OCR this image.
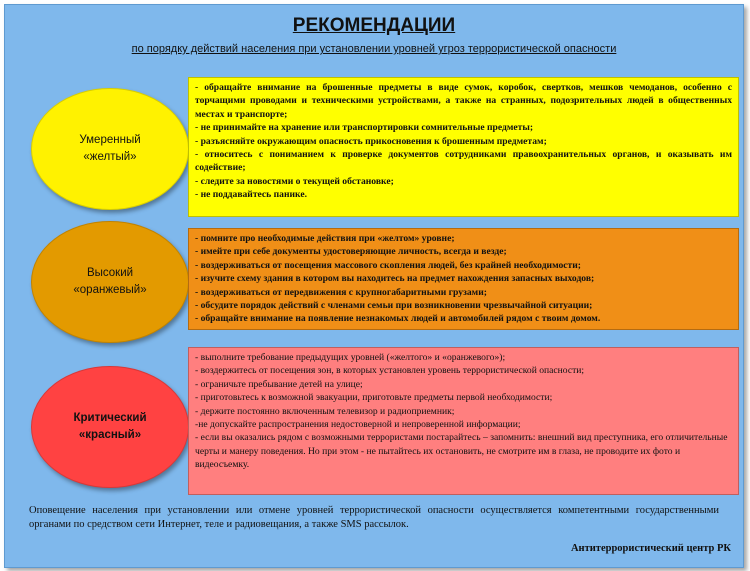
РЕКОМЕНДАЦИИ
по порядку действий населения при установлении уровней угроз террористической опасности
Умеренный
«желтый»
- обращайте внимание на брошенные предметы в виде сумок, коробок, свертков, мешков чемоданов, особенно с торчащими проводами и техническими устройствами, а также на странных, подозрительных людей в общественных местах и транспорте;
- не принимайте на хранение или транспортировки сомнительные предметы;
- разъясняйте окружающим опасность прикосновения к брошенным предметам;
- относитесь с пониманием к проверке документов сотрудниками правоохранительных органов, и оказывать им содействие;
- следите за новостями о текущей обстановке;
- не поддавайтесь панике.
Высокий
«оранжевый»
- помните про необходимые действия при «желтом» уровне;
- имейте при себе документы удостоверяющие личность, всегда и везде;
- воздерживаться от посещения массового скопления людей, без крайней необходимости;
- изучите схему здания в котором вы находитесь на предмет нахождения запасных выходов;
- воздерживаться от передвижения с крупногабаритными грузами;
- обсудите порядок действий с членами семьи при возникновении чрезвычайной ситуации;
- обращайте внимание на появление незнакомых людей и автомобилей рядом с твоим домом.
Критический
«красный»
- выполните требование предыдущих уровней («желтого» и «оранжевого»);
- воздержитесь от посещения зон, в которых установлен уровень террористической опасности;
- ограничьте пребывание детей на улице;
- приготовьтесь к возможной эвакуации, приготовьте предметы первой необходимости;
- держите постоянно включенным телевизор и радиоприемник;
-не допускайте распространения недостоверной и непроверенной информации;
- если вы оказались рядом с возможными террористами постарайтесь – запомнить: внешний вид преступника, его отличительные черты и манеру поведения. Но при этом - не пытайтесь их остановить, не смотрите им в глаза, не проводите их фото и видеосъемку.
Оповещение населения при установлении или отмене уровней террористической опасности осуществляется компетентными государственными органами по средством сети Интернет, теле и радиовещания, а также SMS рассылок.
Антитеррористический центр РК
